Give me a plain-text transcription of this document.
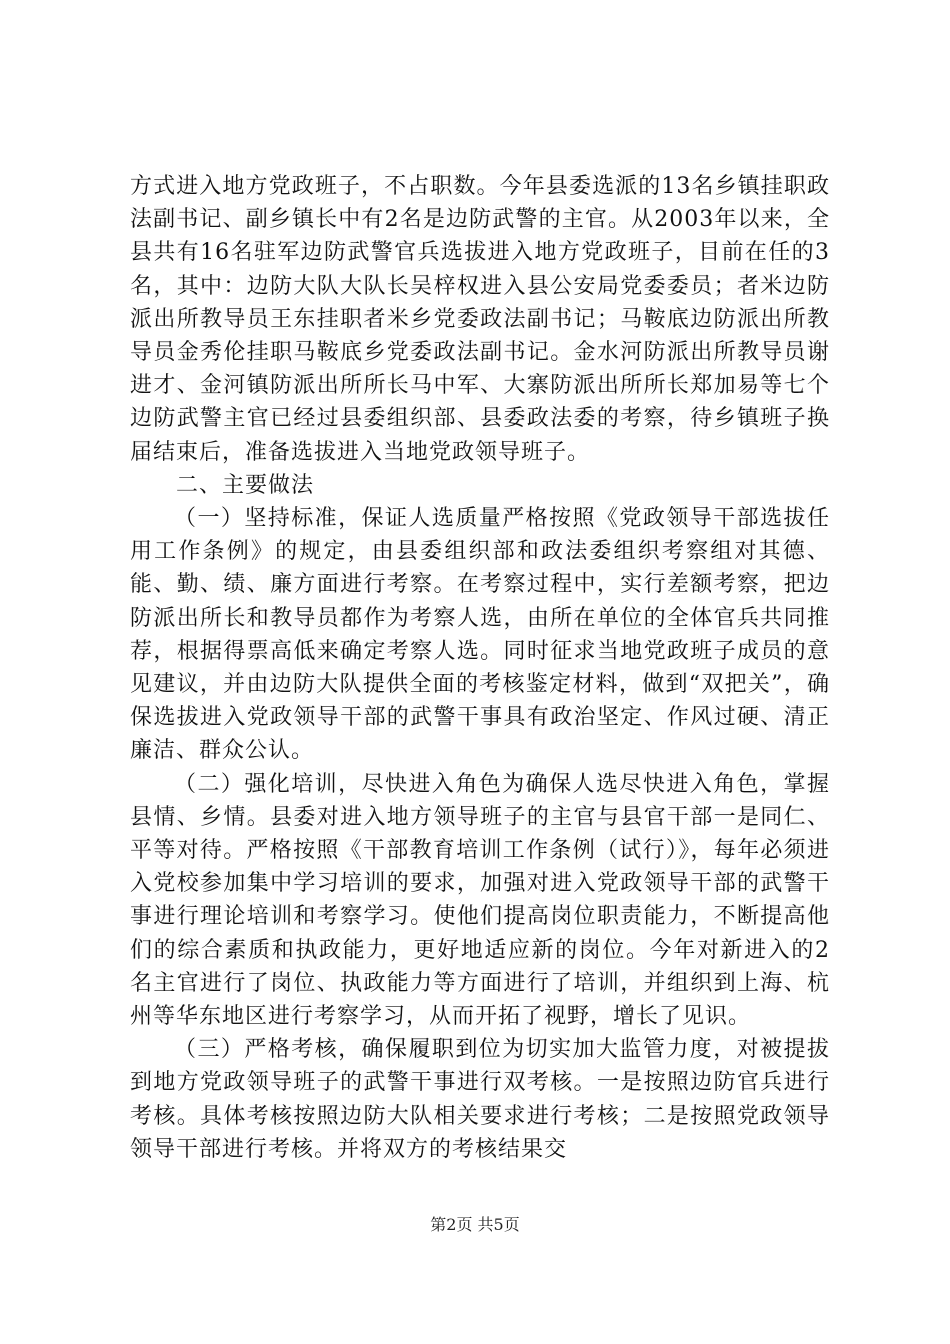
方式进入地方党政班子，不占职数。今年县委选派的13名乡镇挂职政法副书记、副乡镇长中有2名是边防武警的主官。从2003年以来，全县共有16名驻军边防武警官兵选拔进入地方党政班子，目前在任的3名，其中：边防大队大队长吴梓权进入县公安局党委委员；者米边防派出所教导员王东挂职者米乡党委政法副书记；马鞍底边防派出所教导员金秀伦挂职马鞍底乡党委政法副书记。金水河防派出所教导员谢进才、金河镇防派出所所长马中军、大寨防派出所所长郑加易等七个边防武警主官已经过县委组织部、县委政法委的考察，待乡镇班子换届结束后，准备选拔进入当地党政领导班子。

二、主要做法

（一）坚持标准，保证人选质量严格按照《党政领导干部选拔任用工作条例》的规定，由县委组织部和政法委组织考察组对其德、能、勤、绩、廉方面进行考察。在考察过程中，实行差额考察，把边防派出所长和教导员都作为考察人选，由所在单位的全体官兵共同推荐，根据得票高低来确定考察人选。同时征求当地党政班子成员的意见建议，并由边防大队提供全面的考核鉴定材料，做到“双把关”，确保选拔进入党政领导干部的武警干事具有政治坚定、作风过硬、清正廉洁、群众公认。

（二）强化培训，尽快进入角色为确保人选尽快进入角色，掌握县情、乡情。县委对进入地方领导班子的主官与县官干部一是同仁、平等对待。严格按照《干部教育培训工作条例（试行）》，每年必须进入党校参加集中学习培训的要求，加强对进入党政领导干部的武警干事进行理论培训和考察学习。使他们提高岗位职责能力，不断提高他们的综合素质和执政能力，更好地适应新的岗位。今年对新进入的2名主官进行了岗位、执政能力等方面进行了培训，并组织到上海、杭州等华东地区进行考察学习，从而开拓了视野，增长了见识。

（三）严格考核，确保履职到位为切实加大监管力度，对被提拔到地方党政领导班子的武警干事进行双考核。一是按照边防官兵进行考核。具体考核按照边防大队相关要求进行考核；二是按照党政领导领导干部进行考核。并将双方的考核结果交

第2页 共5页
